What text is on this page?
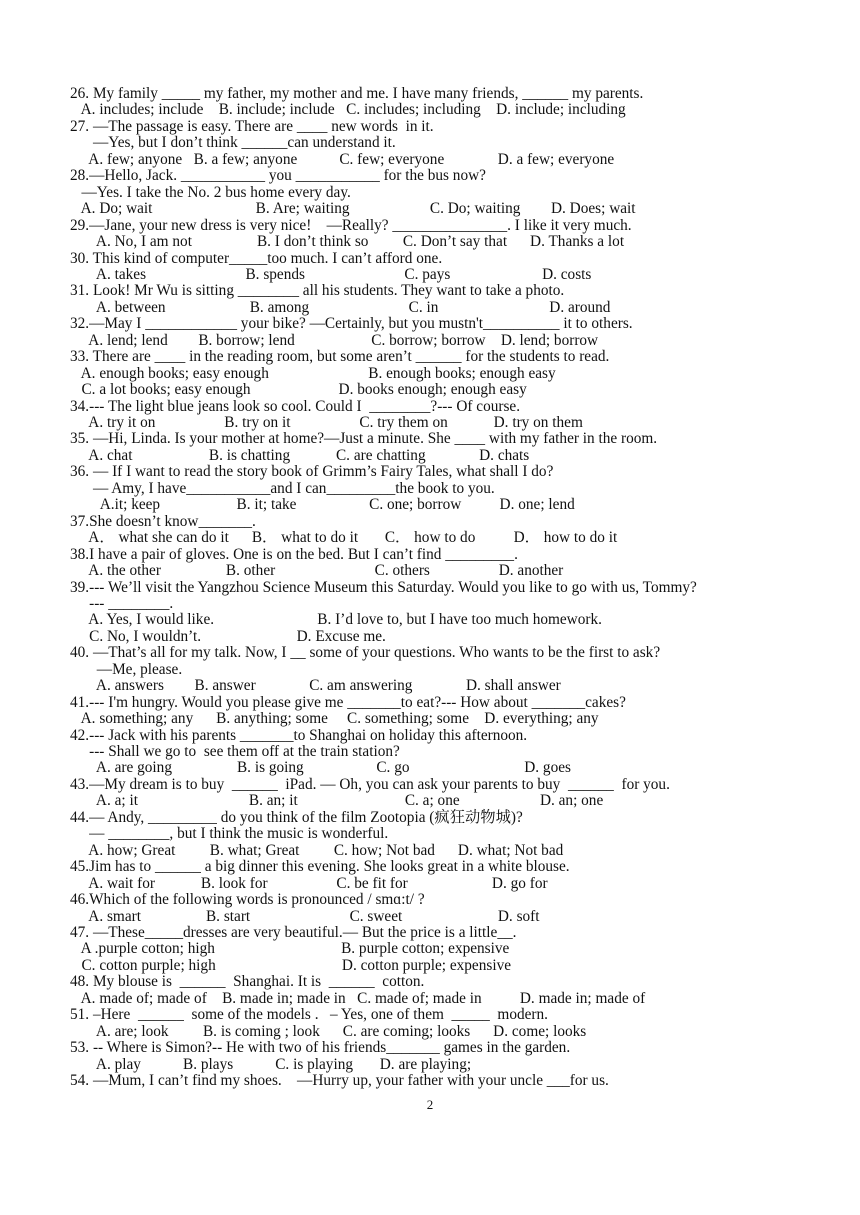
26. My family _____ my father, my mother and me. I have many friends, ______ my parents.
A. includes; include    B. include; include   C. includes; including    D. include; including
27. —The passage is easy. There are ____ new words  in it.
—Yes, but I don’t think ______can understand it.
A. few; anyone   B. a few; anyone           C. few; everyone              D. a few; everyone
28.—Hello, Jack. ___________ you ___________ for the bus now?
—Yes. I take the No. 2 bus home every day.
A. Do; wait                           B. Are; waiting                     C. Do; waiting        D. Does; wait
29.—Jane, your new dress is very nice!    —Really? _______________. I like it very much.
A. No, I am not                 B. I don’t think so         C. Don’t say that      D. Thanks a lot
30. This kind of computer_____too much. I can’t afford one.
A. takes                          B. spends                          C. pays                        D. costs
31. Look! Mr Wu is sitting ________ all his students. They want to take a photo.
A. between                      B. among                          C. in                             D. around
32.—May I ____________ your bike? —Certainly, but you mustn't__________ it to others.
A. lend; lend        B. borrow; lend                    C. borrow; borrow    D. lend; borrow
33. There are ____ in the reading room, but some aren’t ______ for the students to read.
A. enough books; easy enough                          B. enough books; enough easy
C. a lot books; easy enough                       D. books enough; enough easy
34.--- The light blue jeans look so cool. Could I  ________?--- Of course.
A. try it on                  B. try on it                  C. try them on            D. try on them
35. —Hi, Linda. Is your mother at home?—Just a minute. She ____ with my father in the room.
A. chat                    B. is chatting            C. are chatting              D. chats
36. — If I want to read the story book of Grimm’s Fairy Tales, what shall I do?
— Amy, I have___________and I can_________the book to you.
A.it; keep                    B. it; take                   C. one; borrow          D. one; lend
37.She doesn’t know_______.
A． what she can do it      B． what to do it       C． how to do          D． how to do it
38.I have a pair of gloves. One is on the bed. But I can’t find _________.
A. the other                 B. other                          C. others                  D. another
39.--- We’ll visit the Yangzhou Science Museum this Saturday. Would you like to go with us, Tommy?
--- ________.
A. Yes, I would like.                           B. I’d love to, but I have too much homework.
C. No, I wouldn’t.                         D. Excuse me.
40. —That’s all for my talk. Now, I __ some of your questions. Who wants to be the first to ask?
—Me, please.
A. answers        B. answer              C. am answering              D. shall answer
41.--- I'm hungry. Would you please give me _______to eat?--- How about _______cakes?
A. something; any      B. anything; some     C. something; some    D. everything; any
42.--- Jack with his parents _______to Shanghai on holiday this afternoon.
--- Shall we go to  see them off at the train station?
A. are going                 B. is going                   C. go                              D. goes
43.—My dream is to buy  ______  iPad. — Oh, you can ask your parents to buy  ______  for you.
A. a; it                             B. an; it                            C. a; one                     D. an; one
44.— Andy, _________ do you think of the film Zootopia (疯狂动物城)?
— ________, but I think the music is wonderful.
A. how; Great         B. what; Great         C. how; Not bad      D. what; Not bad
45.Jim has to ______ a big dinner this evening. She looks great in a white blouse.
A. wait for            B. look for                  C. be fit for                      D. go for
46.Which of the following words is pronounced / smɑ:t/ ?
A. smart                 B. start                          C. sweet                         D. soft
47. —These_____dresses are very beautiful.— But the price is a little__.
A .purple cotton; high                                 B. purple cotton; expensive
C. cotton purple; high                                 D. cotton purple; expensive
48. My blouse is  ______  Shanghai. It is  ______  cotton.
A. made of; made of    B. made in; made in   C. made of; made in          D. made in; made of
51. –Here  ______  some of the models .   – Yes, one of them  _____  modern.
A. are; look         B. is coming ; look      C. are coming; looks      D. come; looks
53. -- Where is Simon?-- He with two of his friends_______ games in the garden.
A. play           B. plays           C. is playing       D. are playing;
54. —Mum, I can’t find my shoes.    —Hurry up, your father with your uncle ___for us.
2
